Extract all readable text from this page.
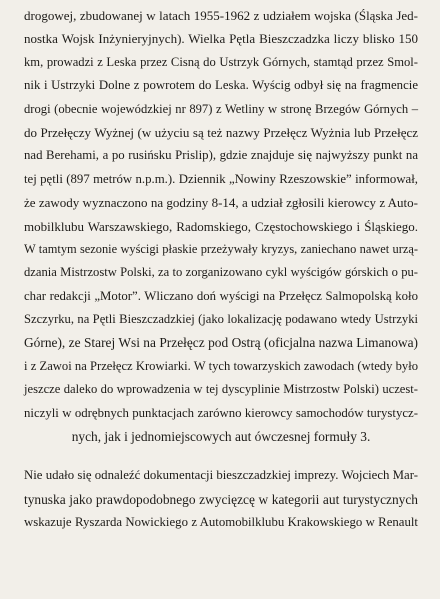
drogowej, zbudowanej w latach 1955-1962 z udziałem wojska (Śląska Jed-
nostka Wojsk Inżynieryjnych). Wielka Pętla Bieszczadzka liczy blisko 150
km, prowadzi z Leska przez Cisną do Ustrzyk Górnych, stamtąd przez Smol-
nik i Ustrzyki Dolne z powrotem do Leska. Wyścig odbył się na fragmencie
drogi (obecnie wojewódzkiej nr 897) z Wetliny w stronę Brzegów Górnych –
do Przełęczy Wyżnej (w użyciu są też nazwy Przełęcz Wyżnia lub Przełęcz
nad Berehami, a po rusińsku Prislip), gdzie znajduje się najwyższy punkt na
tej pętli (897 metrów n.p.m.). Dziennik „Nowiny Rzeszowskie” informował,
że zawody wyznaczono na godziny 8-14, a udział zgłosili kierowcy z Auto-
mobilklubu Warszawskiego, Radomskiego, Częstochowskiego i Śląskiego.
W tamtym sezonie wyścigi płaskie przeżywały kryzys, zaniechano nawet urzą-
dzania Mistrzostw Polski, za to zorganizowano cykl wyścigów górskich o pu-
char redakcji „Motor”. Wliczano doń wyścigi na Przełęcz Salmopolską koło
Szczyrku, na Pętli Bieszczadzkiej (jako lokalizację podawano wtedy Ustrzyki
Górne), ze Starej Wsi na Przełęcz pod Ostrą (oficjalna nazwa Limanowa)
i z Zawoi na Przełęcz Krowiarki. W tych towarzyskich zawodach (wtedy było
jeszcze daleko do wprowadzenia w tej dyscyplinie Mistrzostw Polski) uczest-
niczyli w odrębnych punktacjach zarówno kierowcy samochodów turystycz-
nych, jak i jednomiejscowych aut ówczesnej formuły 3.
Nie udało się odnaleźć dokumentacji bieszczadzkiej imprezy. Wojciech Mar-
tynuska jako prawdopodobnego zwycięzcę w kategorii aut turystycznych
wskazuje Ryszarda Nowickiego z Automobilklubu Krakowskiego w Renault
